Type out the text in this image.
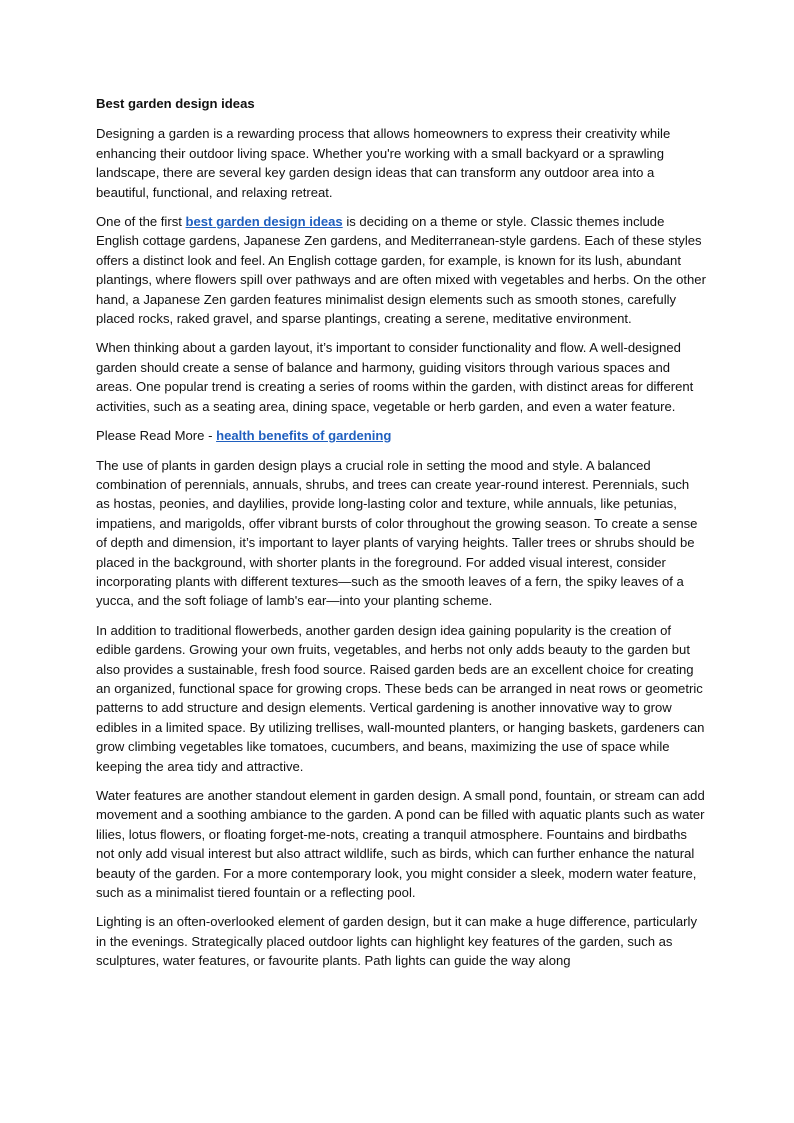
Best garden design ideas

Designing a garden is a rewarding process that allows homeowners to express their creativity while enhancing their outdoor living space. Whether you're working with a small backyard or a sprawling landscape, there are several key garden design ideas that can transform any outdoor area into a beautiful, functional, and relaxing retreat.

One of the first best garden design ideas is deciding on a theme or style. Classic themes include English cottage gardens, Japanese Zen gardens, and Mediterranean-style gardens. Each of these styles offers a distinct look and feel. An English cottage garden, for example, is known for its lush, abundant plantings, where flowers spill over pathways and are often mixed with vegetables and herbs. On the other hand, a Japanese Zen garden features minimalist design elements such as smooth stones, carefully placed rocks, raked gravel, and sparse plantings, creating a serene, meditative environment.

When thinking about a garden layout, it’s important to consider functionality and flow. A well-designed garden should create a sense of balance and harmony, guiding visitors through various spaces and areas. One popular trend is creating a series of rooms within the garden, with distinct areas for different activities, such as a seating area, dining space, vegetable or herb garden, and even a water feature.

Please Read More - health benefits of gardening

The use of plants in garden design plays a crucial role in setting the mood and style. A balanced combination of perennials, annuals, shrubs, and trees can create year-round interest. Perennials, such as hostas, peonies, and daylilies, provide long-lasting color and texture, while annuals, like petunias, impatiens, and marigolds, offer vibrant bursts of color throughout the growing season. To create a sense of depth and dimension, it’s important to layer plants of varying heights. Taller trees or shrubs should be placed in the background, with shorter plants in the foreground. For added visual interest, consider incorporating plants with different textures—such as the smooth leaves of a fern, the spiky leaves of a yucca, and the soft foliage of lamb's ear—into your planting scheme.

In addition to traditional flowerbeds, another garden design idea gaining popularity is the creation of edible gardens. Growing your own fruits, vegetables, and herbs not only adds beauty to the garden but also provides a sustainable, fresh food source. Raised garden beds are an excellent choice for creating an organized, functional space for growing crops. These beds can be arranged in neat rows or geometric patterns to add structure and design elements. Vertical gardening is another innovative way to grow edibles in a limited space. By utilizing trellises, wall-mounted planters, or hanging baskets, gardeners can grow climbing vegetables like tomatoes, cucumbers, and beans, maximizing the use of space while keeping the area tidy and attractive.

Water features are another standout element in garden design. A small pond, fountain, or stream can add movement and a soothing ambiance to the garden. A pond can be filled with aquatic plants such as water lilies, lotus flowers, or floating forget-me-nots, creating a tranquil atmosphere. Fountains and birdbaths not only add visual interest but also attract wildlife, such as birds, which can further enhance the natural beauty of the garden. For a more contemporary look, you might consider a sleek, modern water feature, such as a minimalist tiered fountain or a reflecting pool.

Lighting is an often-overlooked element of garden design, but it can make a huge difference, particularly in the evenings. Strategically placed outdoor lights can highlight key features of the garden, such as sculptures, water features, or favourite plants. Path lights can guide the way along
